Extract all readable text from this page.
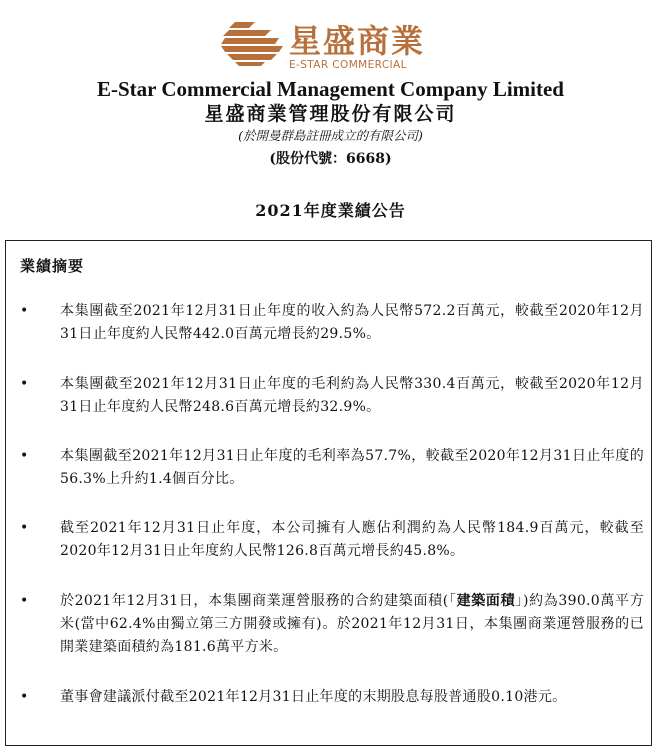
星盛商業
E-STAR COMMERCIAL
E-Star Commercial Management Company Limited
星盛商業管理股份有限公司
(於開曼群島註冊成立的有限公司)
(股份代號：6668)
2021年度業績公告
業績摘要
• 本集團截至2021年12月31日止年度的收入約為人民幣572.2百萬元，較截至2020年12月31日止年度約人民幣442.0百萬元增長約29.5%。
• 本集團截至2021年12月31日止年度的毛利約為人民幣330.4百萬元，較截至2020年12月31日止年度約人民幣248.6百萬元增長約32.9%。
• 本集團截至2021年12月31日止年度的毛利率為57.7%，較截至2020年12月31日止年度的56.3%上升約1.4個百分比。
• 截至2021年12月31日止年度，本公司擁有人應佔利潤約為人民幣184.9百萬元，較截至2020年12月31日止年度約人民幣126.8百萬元增長約45.8%。
• 於2021年12月31日，本集團商業運營服務的合約建築面積(「建築面積」)約為390.0萬平方米(當中62.4%由獨立第三方開發或擁有)。於2021年12月31日，本集團商業運營服務的已開業建築面積約為181.6萬平方米。
• 董事會建議派付截至2021年12月31日止年度的末期股息每股普通股0.10港元。
